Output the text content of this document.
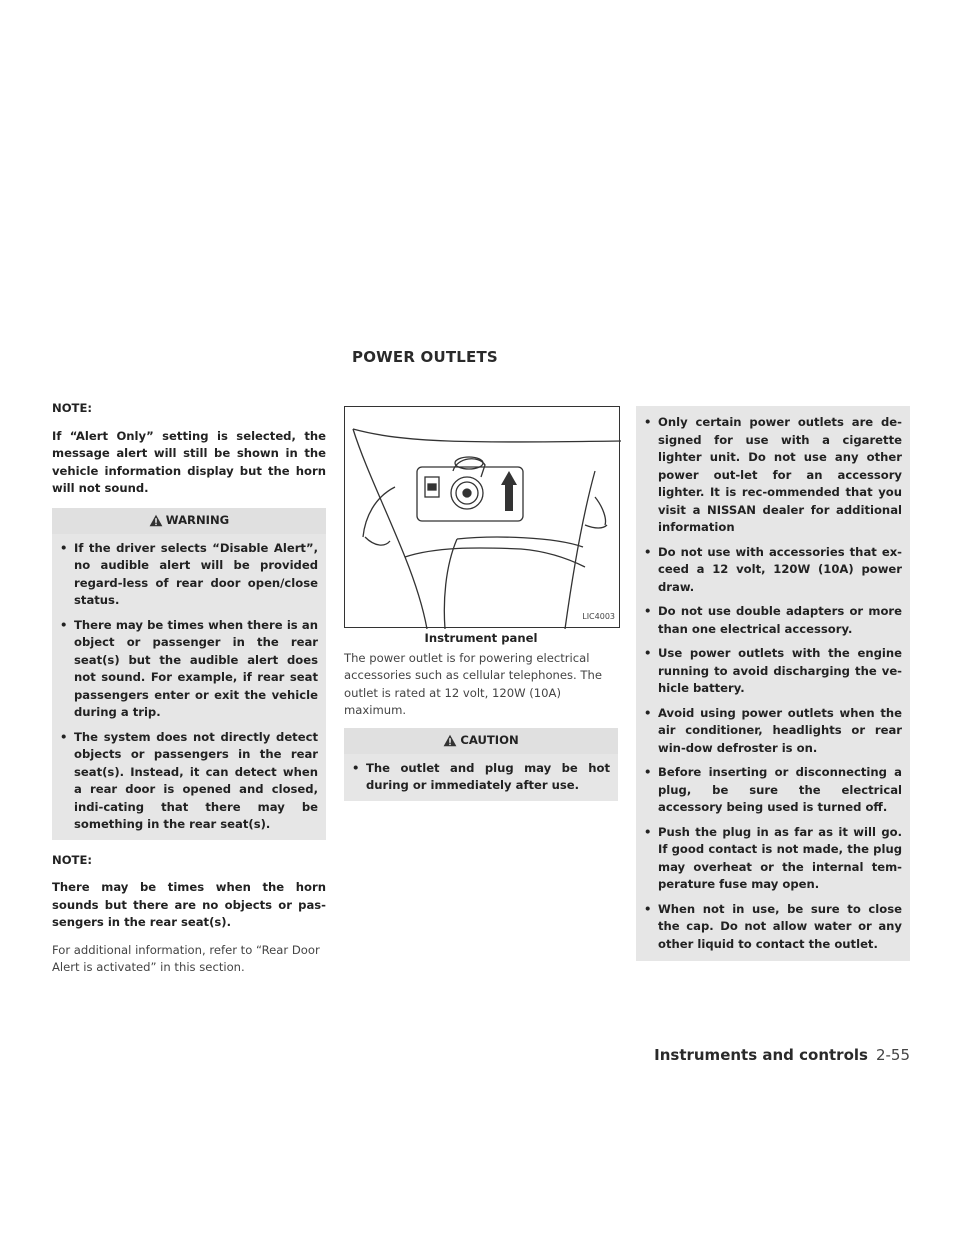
POWER OUTLETS
NOTE:
If “Alert Only” setting is selected, the message alert will still be shown in the vehicle information display but the horn will not sound.
WARNING
• If the driver selects “Disable Alert”, no audible alert will be provided regard-less of rear door open/close status.
• There may be times when there is an object or passenger in the rear seat(s) but the audible alert does not sound. For example, if rear seat passengers enter or exit the vehicle during a trip.
• The system does not directly detect objects or passengers in the rear seat(s). Instead, it can detect when a rear door is opened and closed, indi-cating that there may be something in the rear seat(s).
NOTE:
There may be times when the horn sounds but there are no objects or pas-sengers in the rear seat(s).
For additional information, refer to “Rear Door Alert is activated” in this section.
LIC4003
Instrument panel
The power outlet is for powering electrical accessories such as cellular telephones. The outlet is rated at 12 volt, 120W (10A) maximum.
CAUTION
• The outlet and plug may be hot during or immediately after use.
• Only certain power outlets are de-signed for use with a cigarette lighter unit. Do not use any other power out-let for an accessory lighter. It is rec-ommended that you visit a NISSAN dealer for additional information
• Do not use with accessories that ex-ceed a 12 volt, 120W (10A) power draw.
• Do not use double adapters or more than one electrical accessory.
• Use power outlets with the engine running to avoid discharging the ve-hicle battery.
• Avoid using power outlets when the air conditioner, headlights or rear win-dow defroster is on.
• Before inserting or disconnecting a plug, be sure the electrical accessory being used is turned off.
• Push the plug in as far as it will go. If good contact is not made, the plug may overheat or the internal tem-perature fuse may open.
• When not in use, be sure to close the cap. Do not allow water or any other liquid to contact the outlet.
Instruments and controls 2-55
